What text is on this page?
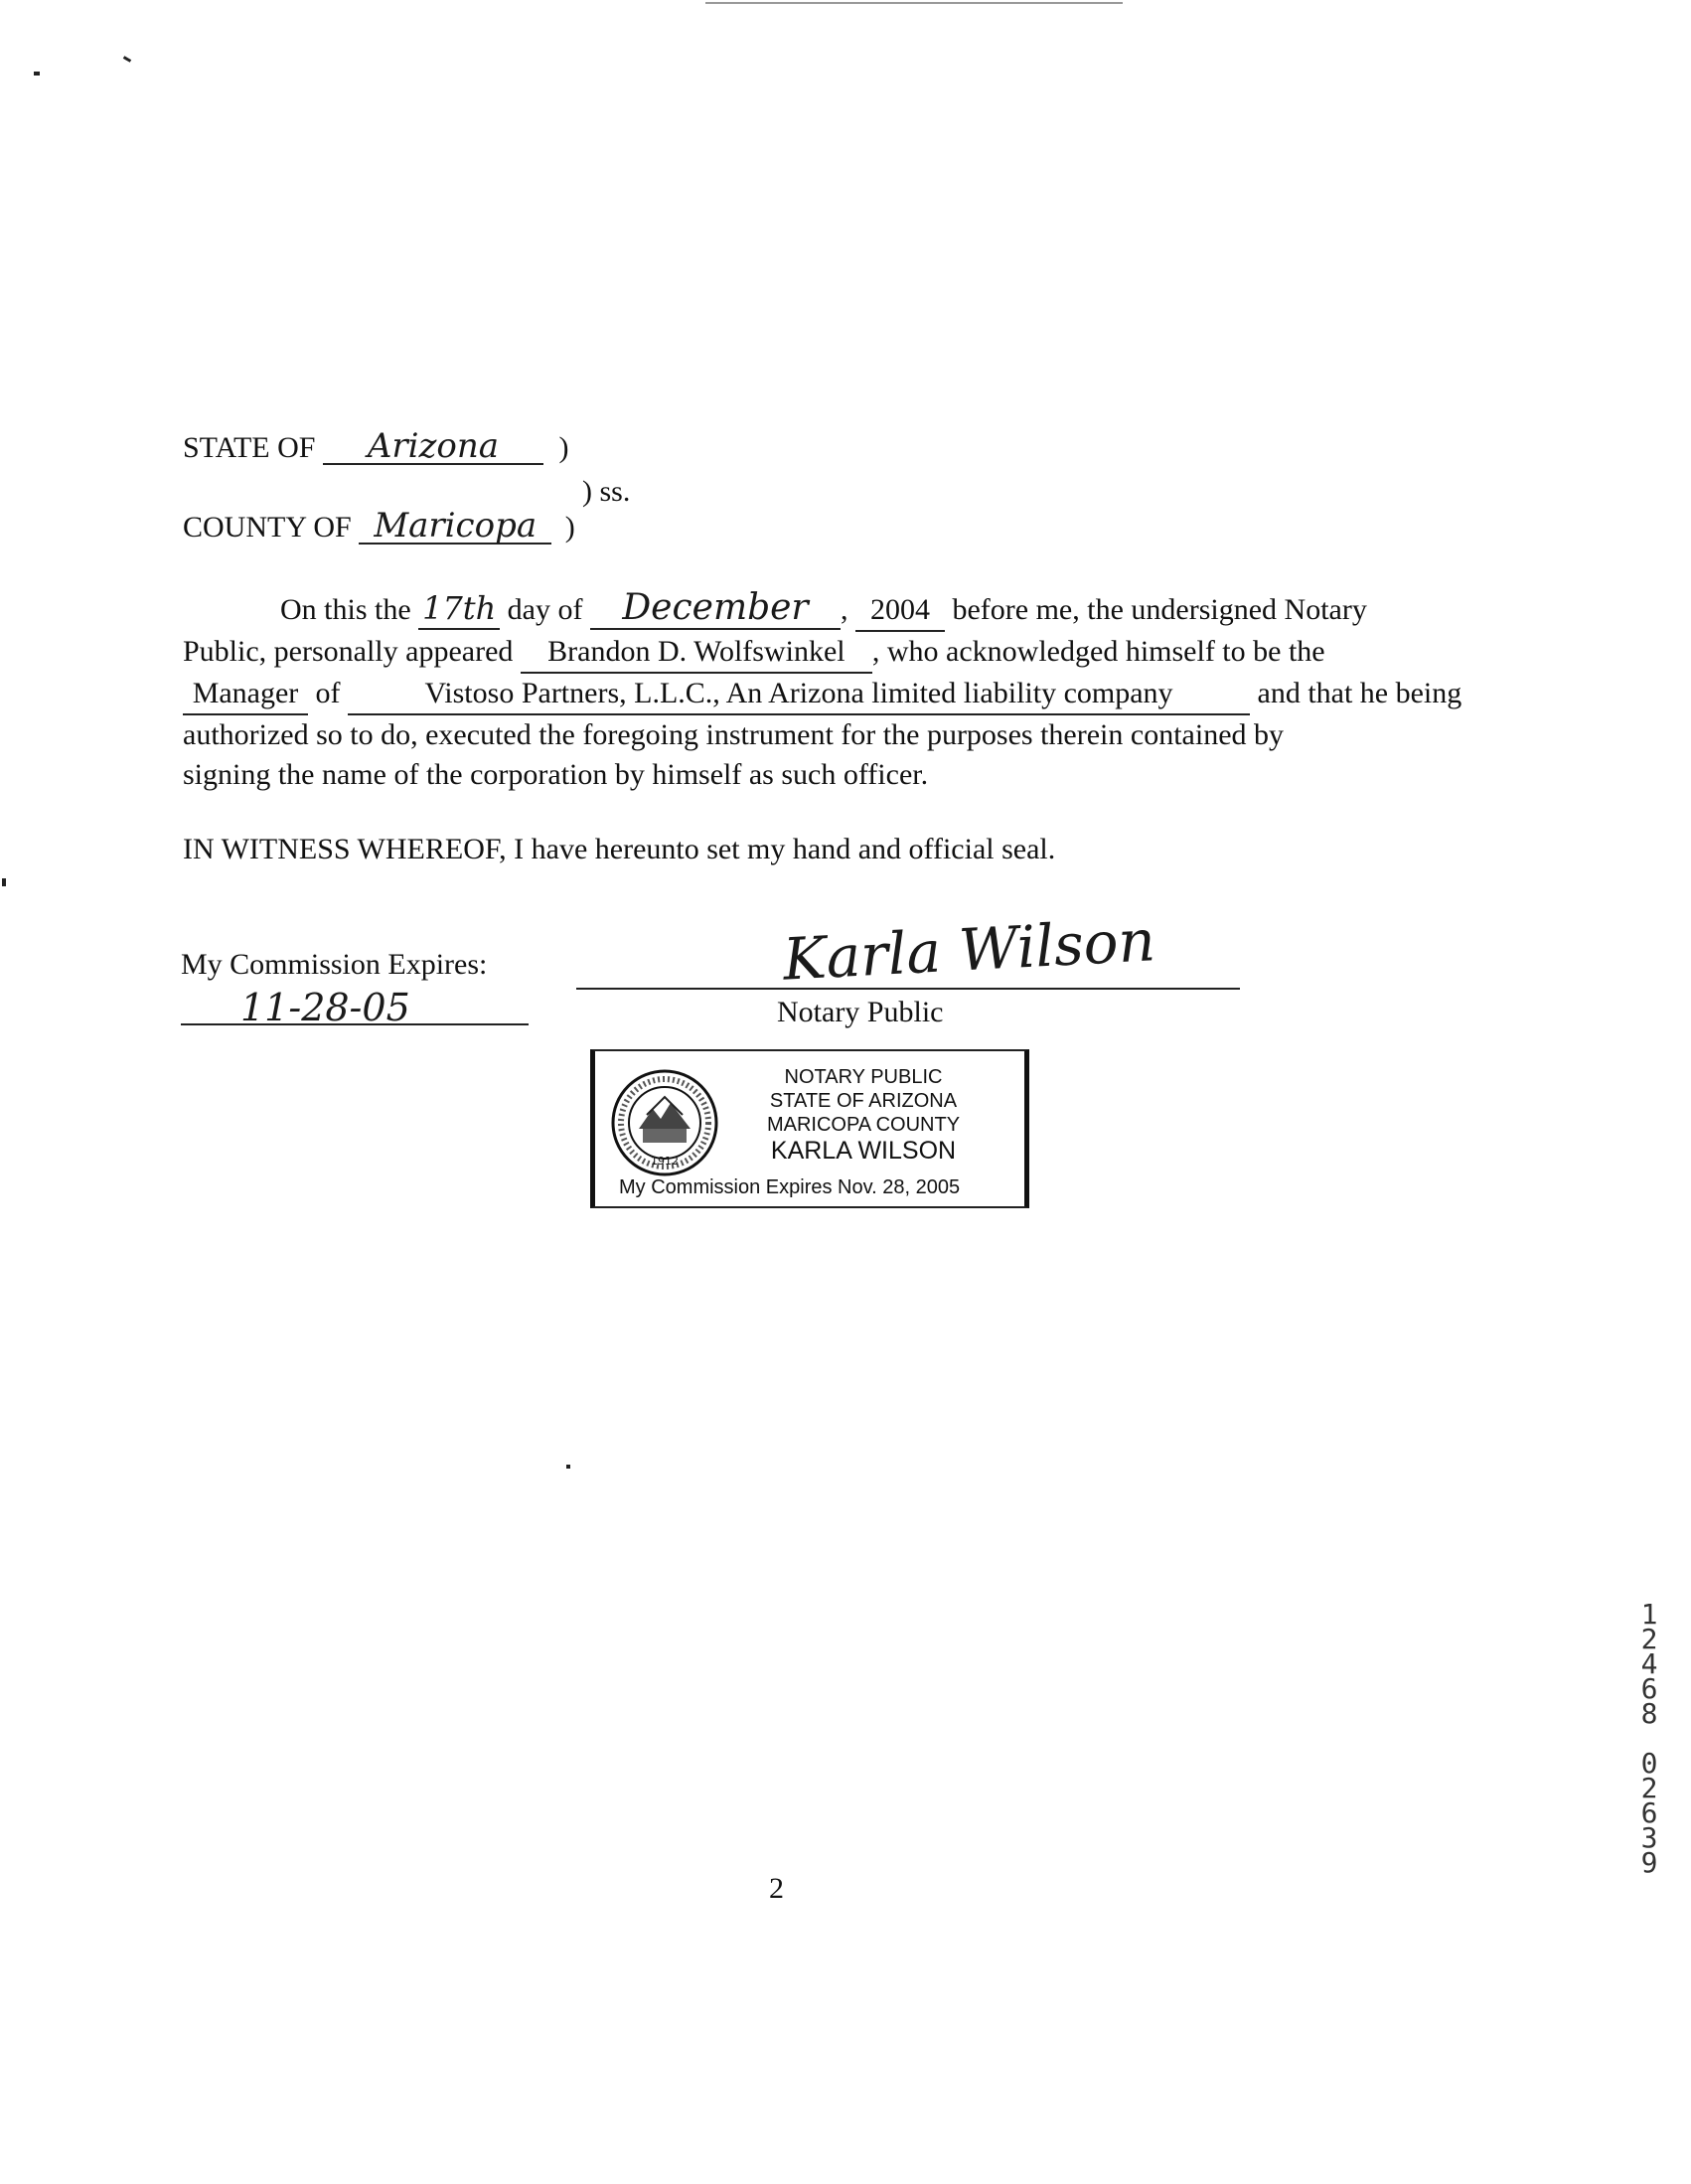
STATE OF Arizona )
) ss.
COUNTY OF Maricopa )
On this the 17th day of December , 2004 before me, the undersigned Notary
Public, personally appeared Brandon D. Wolfswinkel , who acknowledged himself to be the
Manager of	Vistoso Partners, L.L.C., An Arizona limited liability company	and that he being
authorized so to do, executed the foregoing instrument for the purposes therein contained by
signing the name of the corporation by himself as such officer.
IN WITNESS WHEREOF, I have hereunto set my hand and official seal.
My Commission Expires:
11-28-05
Karla Wilson
Notary Public
1912
NOTARY PUBLIC
STATE OF ARIZONA
MARICOPA COUNTY
KARLA WILSON
My Commission Expires Nov. 28, 2005
1
2
4
6
8
0
2
6
3
9
2
